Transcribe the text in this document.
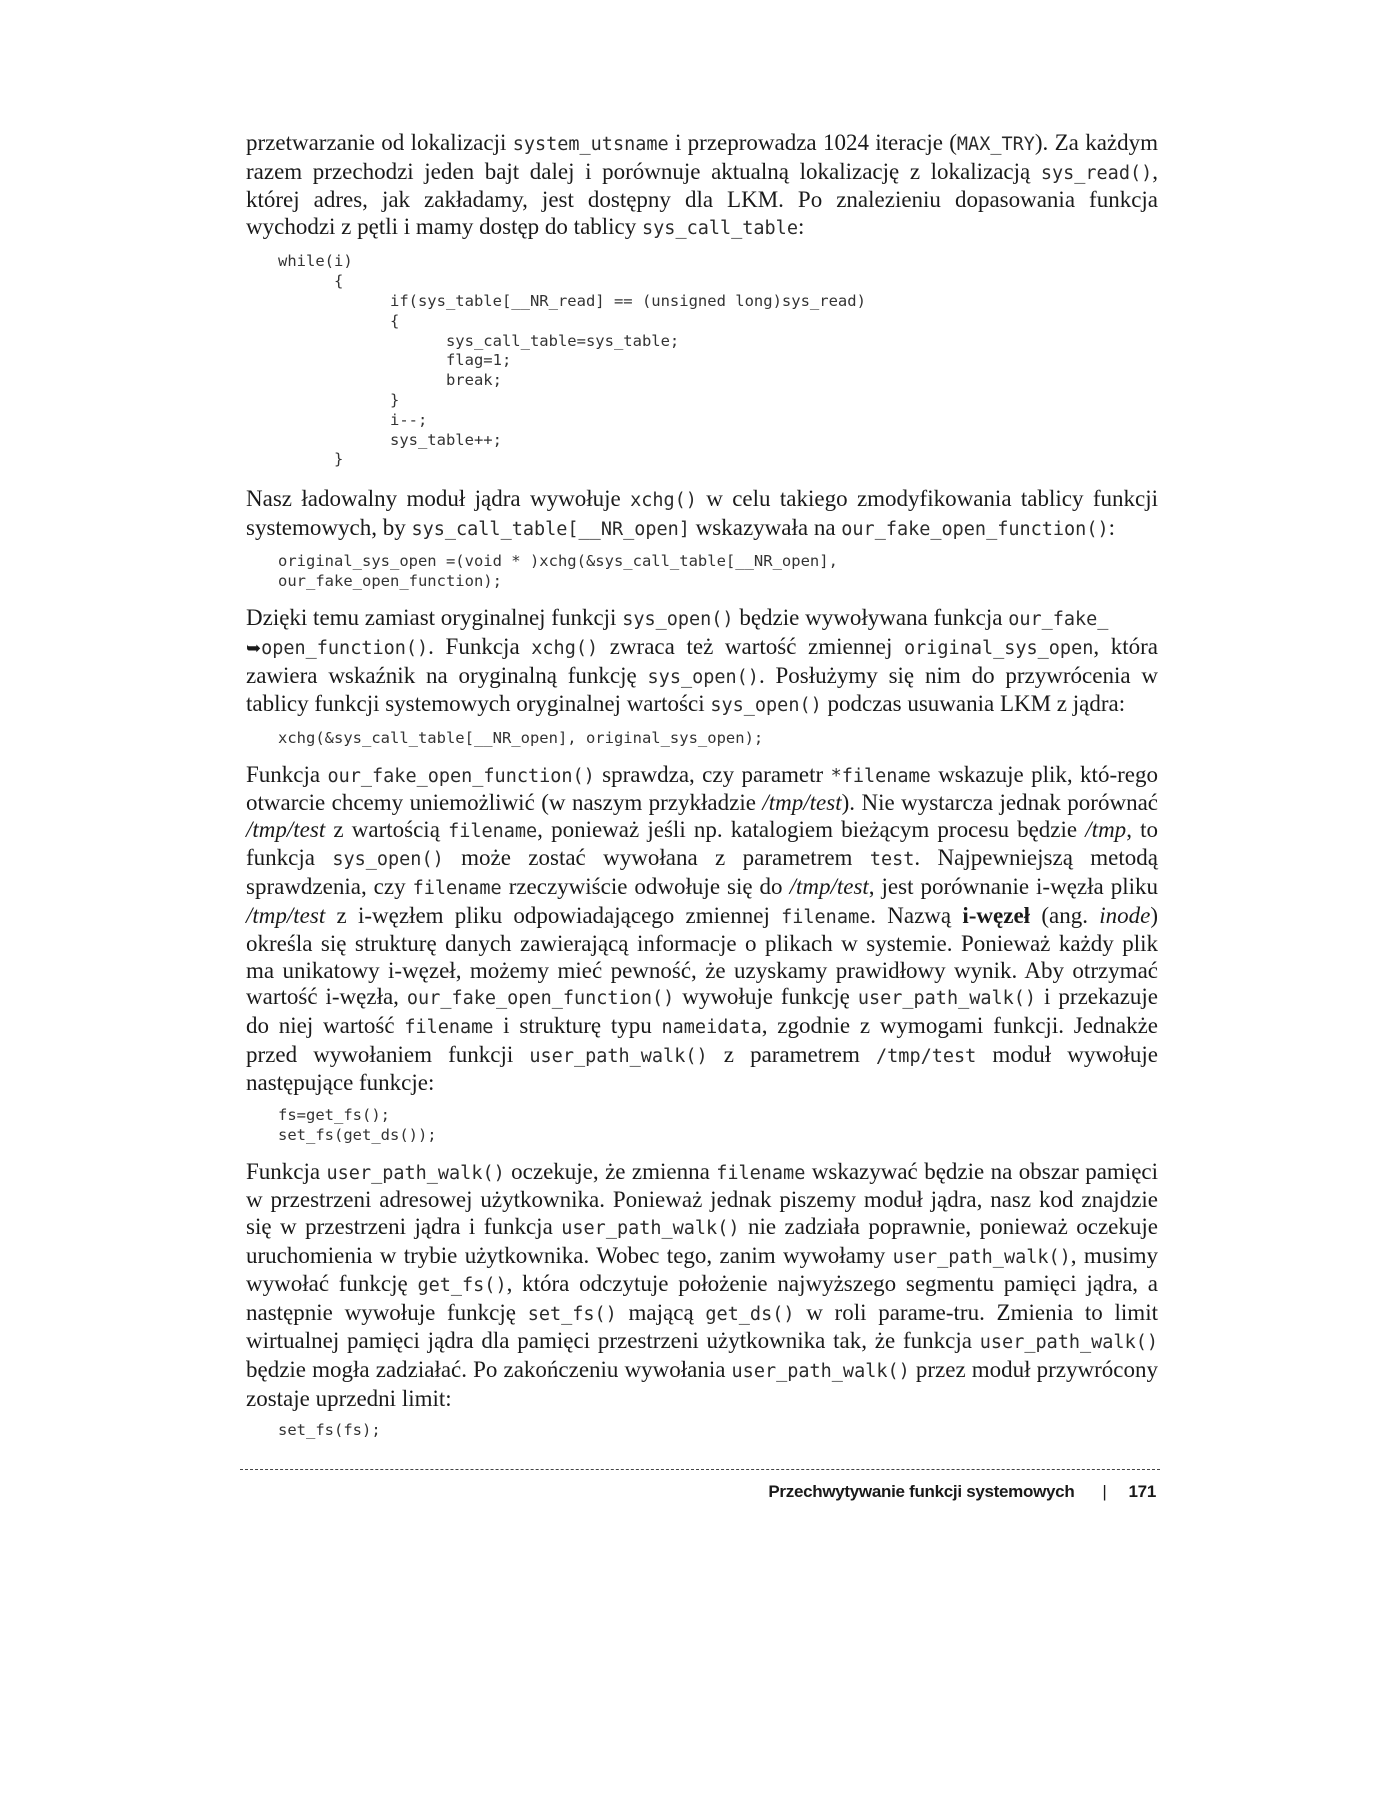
przetwarzanie od lokalizacji system_utsname i przeprowadza 1024 iteracje (MAX_TRY). Za każdym razem przechodzi jeden bajt dalej i porównuje aktualną lokalizację z lokalizacją sys_read(), której adres, jak zakładamy, jest dostępny dla LKM. Po znalezieniu dopasowania funkcja wychodzi z pętli i mamy dostęp do tablicy sys_call_table:

while(i)
{
if(sys_table[__NR_read] == (unsigned long)sys_read)
{
sys_call_table=sys_table;
flag=1;
break;
}
i--;
sys_table++;
}

Nasz ładowalny moduł jądra wywołuje xchg() w celu takiego zmodyfikowania tablicy funkcji systemowych, by sys_call_table[__NR_open] wskazywała na our_fake_open_function():

original_sys_open =(void * )xchg(&sys_call_table[__NR_open],
our_fake_open_function);

Dzięki temu zamiast oryginalnej funkcji sys_open() będzie wywoływana funkcja our_fake_
➥open_function(). Funkcja xchg() zwraca też wartość zmiennej original_sys_open, która zawiera wskaźnik na oryginalną funkcję sys_open(). Posłużymy się nim do przywrócenia w tablicy funkcji systemowych oryginalnej wartości sys_open() podczas usuwania LKM z jądra:

xchg(&sys_call_table[__NR_open], original_sys_open);

Funkcja our_fake_open_function() sprawdza, czy parametr *filename wskazuje plik, któ-rego otwarcie chcemy uniemożliwić (w naszym przykładzie /tmp/test). Nie wystarcza jednak porównać /tmp/test z wartością filename, ponieważ jeśli np. katalogiem bieżącym procesu będzie /tmp, to funkcja sys_open() może zostać wywołana z parametrem test. Najpewniejszą metodą sprawdzenia, czy filename rzeczywiście odwołuje się do /tmp/test, jest porównanie i-węzła pliku /tmp/test z i-węzłem pliku odpowiadającego zmiennej filename. Nazwą i-węzeł (ang. inode) określa się strukturę danych zawierającą informacje o plikach w systemie. Ponieważ każdy plik ma unikatowy i-węzeł, możemy mieć pewność, że uzyskamy prawidłowy wynik. Aby otrzymać wartość i-węzła, our_fake_open_function() wywołuje funkcję user_path_walk() i przekazuje do niej wartość filename i strukturę typu nameidata, zgodnie z wymogami funkcji. Jednakże przed wywołaniem funkcji user_path_walk() z parametrem /tmp/test moduł wywołuje następujące funkcje:

fs=get_fs();
set_fs(get_ds());

Funkcja user_path_walk() oczekuje, że zmienna filename wskazywać będzie na obszar pamięci w przestrzeni adresowej użytkownika. Ponieważ jednak piszemy moduł jądra, nasz kod znajdzie się w przestrzeni jądra i funkcja user_path_walk() nie zadziała poprawnie, ponieważ oczekuje uruchomienia w trybie użytkownika. Wobec tego, zanim wywołamy user_path_walk(), musimy wywołać funkcję get_fs(), która odczytuje położenie najwyższego segmentu pamięci jądra, a następnie wywołuje funkcję set_fs() mającą get_ds() w roli parame-tru. Zmienia to limit wirtualnej pamięci jądra dla pamięci przestrzeni użytkownika tak, że funkcja user_path_walk() będzie mogła zadziałać. Po zakończeniu wywołania user_path_walk() przez moduł przywrócony zostaje uprzedni limit:

set_fs(fs);
Przechwytywanie funkcji systemowych | 171
